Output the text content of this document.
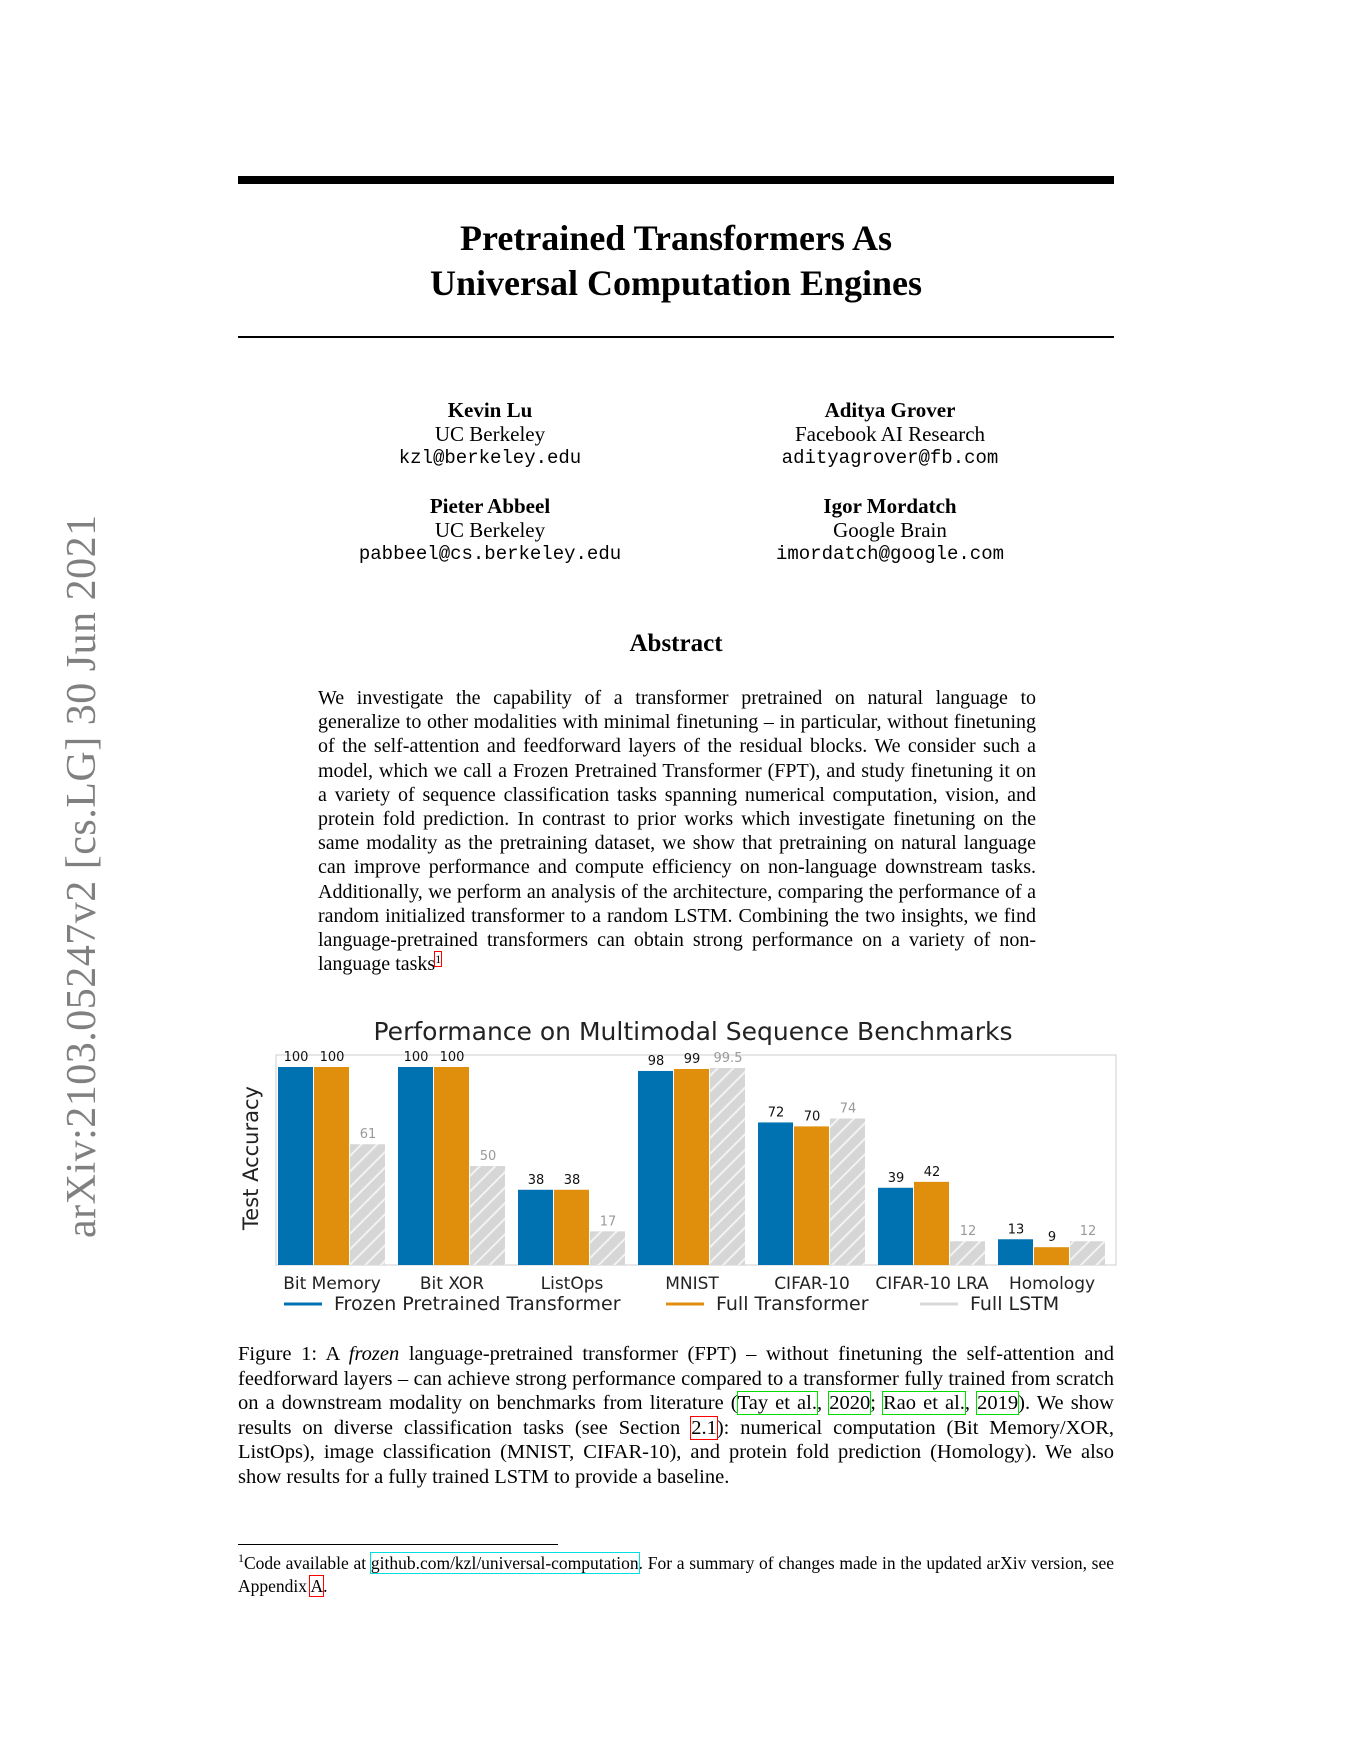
arXiv:2103.05247v2 [cs.LG] 30 Jun 2021
Pretrained Transformers As
Universal Computation Engines
Kevin Lu
UC Berkeley
kzl@berkeley.edu
Aditya Grover
Facebook AI Research
adityagrover@fb.com
Pieter Abbeel
UC Berkeley
pabbeel@cs.berkeley.edu
Igor Mordatch
Google Brain
imordatch@google.com
Abstract
We investigate the capability of a transformer pretrained on natural language to generalize to other modalities with minimal finetuning – in particular, without finetuning of the self-attention and feedforward layers of the residual blocks. We consider such a model, which we call a Frozen Pretrained Transformer (FPT), and study finetuning it on a variety of sequence classification tasks spanning numerical computation, vision, and protein fold prediction. In contrast to prior works which investigate finetuning on the same modality as the pretraining dataset, we show that pretraining on natural language can improve performance and compute efficiency on non-language downstream tasks. Additionally, we perform an analysis of the architecture, comparing the performance of a random initialized transformer to a random LSTM. Combining the two insights, we find language-pretrained transformers can obtain strong performance on a variety of non-language tasks$^1$
Performance on Multimodal Sequence Benchmarks
Test Accuracy
100 100
61
100 100
50
38 38
17
98 99 99.5
72 70
74
39 42
12 13
9 12
Bit Memory Bit XOR	ListOps	MNIST	CIFAR-10 CIFAR-10 LRA Homology
Frozen Pretrained Transformer	Full Transformer	Full LSTM
Figure 1: A frozen language-pretrained transformer (FPT) – without finetuning the self-attention and feedforward layers – can achieve strong performance compared to a transformer fully trained from scratch on a downstream modality on benchmarks from literature (Tay et al., 2020; Rao et al., 2019). We show results on diverse classification tasks (see Section 2.1): numerical computation (Bit Memory/XOR, ListOps), image classification (MNIST, CIFAR-10), and protein fold prediction (Homology). We also show results for a fully trained LSTM to provide a baseline.
$^1$Code available at github.com/kzl/universal-computation. For a summary of changes made in the updated arXiv version, see Appendix A.
